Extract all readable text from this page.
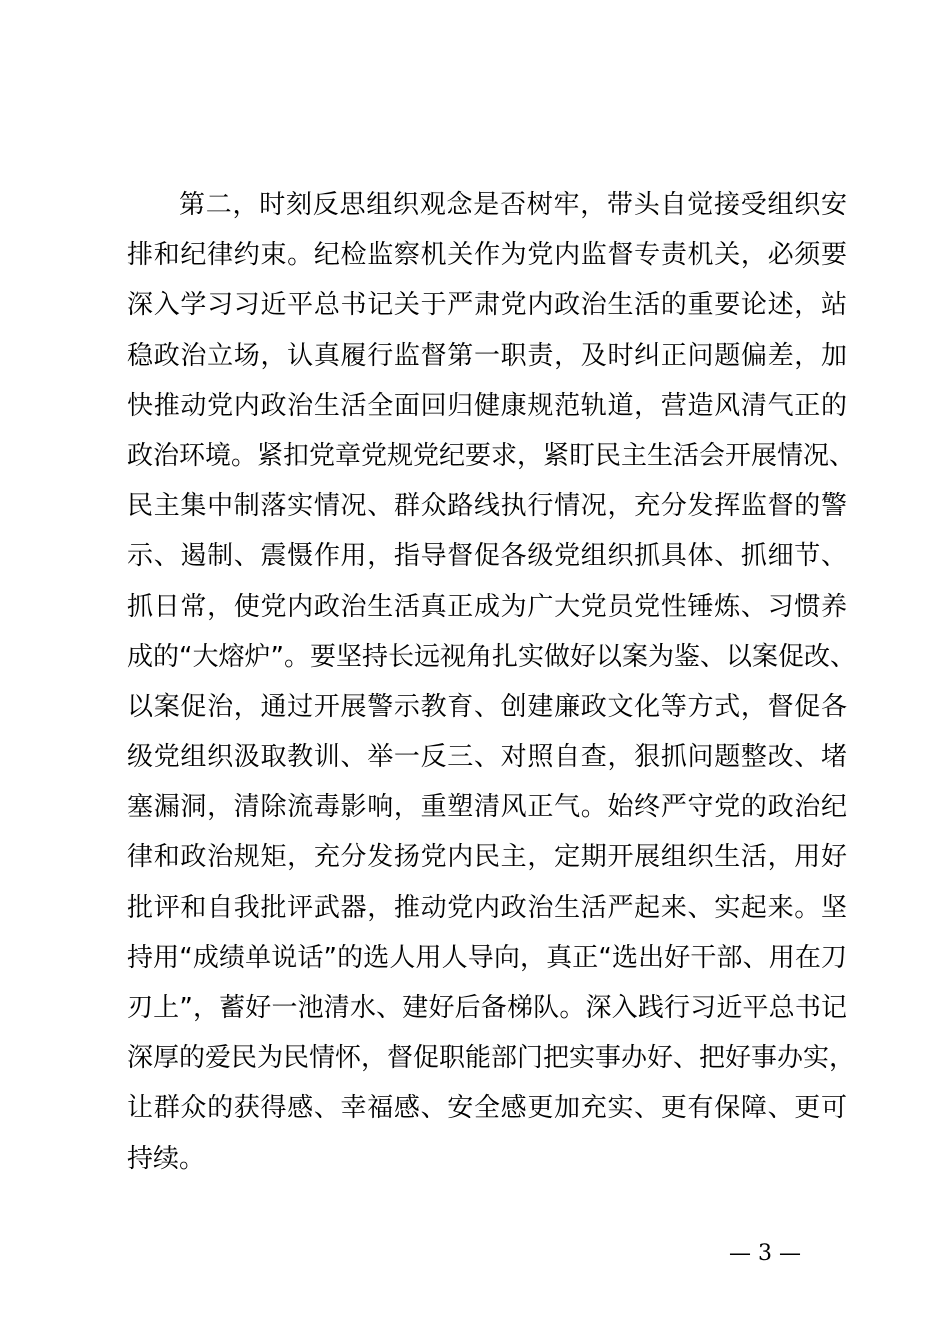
第二，时刻反思组织观念是否树牢，带头自觉接受组织安
排和纪律约束。纪检监察机关作为党内监督专责机关，必须要
深入学习习近平总书记关于严肃党内政治生活的重要论述，站
稳政治立场，认真履行监督第一职责，及时纠正问题偏差，加
快推动党内政治生活全面回归健康规范轨道，营造风清气正的
政治环境。紧扣党章党规党纪要求，紧盯民主生活会开展情况、
民主集中制落实情况、群众路线执行情况，充分发挥监督的警
示、遏制、震慑作用，指导督促各级党组织抓具体、抓细节、
抓日常，使党内政治生活真正成为广大党员党性锤炼、习惯养
成的“大熔炉”。要坚持长远视角扎实做好以案为鉴、以案促改、
以案促治，通过开展警示教育、创建廉政文化等方式，督促各
级党组织汲取教训、举一反三、对照自查，狠抓问题整改、堵
塞漏洞，清除流毒影响，重塑清风正气。始终严守党的政治纪
律和政治规矩，充分发扬党内民主，定期开展组织生活，用好
批评和自我批评武器，推动党内政治生活严起来、实起来。坚
持用“成绩单说话”的选人用人导向，真正“选出好干部、用在刀
刃上”，蓄好一池清水、建好后备梯队。深入践行习近平总书记
深厚的爱民为民情怀，督促职能部门把实事办好、把好事办实，
让群众的获得感、幸福感、安全感更加充实、更有保障、更可
持续。
— 3 —
